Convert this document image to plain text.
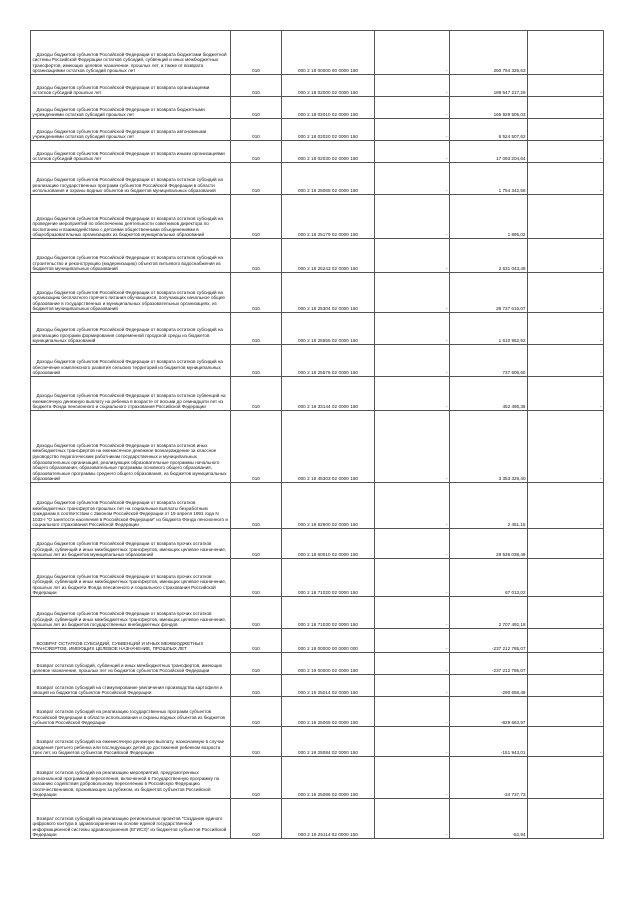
Доходы бюджетов субъектов Российской Федерации от возврата бюджетами бюджетной системы Российской Федерации остатков субсидий, субвенций и иных межбюджетных трансфертов, имеющих целевое назначение, прошлых лет, а также от возврата организациями остатков субсидий прошлых лет	010	000 2 18 00000 00 0000 150	-	260 764 325,63	-	

Доходы бюджетов субъектов Российской Федерации от возврата организациями остатков субсидий прошлых лет	010	000 2 18 02000 02 0000 150	-	189 547 217,29	-	

Доходы бюджетов субъектов Российской Федерации от возврата бюджетными учреждениями остатков субсидий прошлых лет	010	000 2 18 02010 02 0000 150	-	165 929 505,03	-	

Доходы бюджетов субъектов Российской Федерации от возврата автономными учреждениями остатков субсидий прошлых лет	010	000 2 18 02020 02 0000 150	-	6 524 507,62	-	

Доходы бюджетов субъектов Российской Федерации от возврата иными организациями остатков субсидий прошлых лет	010	000 2 18 02030 02 0000 150	-	17 093 204,64	-	

Доходы бюджетов субъектов Российской Федерации от возврата остатков субсидий на реализацию государственных программ субъектов Российской Федерации в области использования и охраны водных объектов из бюджетов муниципальных образований	010	000 2 18 25065 02 0000 150	-	1 754 342,56	-	

Доходы бюджетов субъектов Российской Федерации от возврата остатков субсидий на проведение мероприятий по обеспечению деятельности советников директора по воспитанию и взаимодействию с детскими общественными объединениями в общеобразовательных организациях из бюджетов муниципальных образований	010	000 2 18 25179 02 0000 150	-	1 895,02	-	

Доходы бюджетов субъектов Российской Федерации от возврата остатков субсидий на строительство и реконструкцию (модернизацию) объектов питьевого водоснабжения из бюджетов муниципальных образований	010	000 2 18 25243 02 0000 150	-	2 631 043,48	-	

Доходы бюджетов субъектов Российской Федерации от возврата остатков субсидий на организацию бесплатного горячего питания обучающихся, получающих начальное общее образование в государственных и муниципальных образовательных организациях, из бюджетов муниципальных образований	010	000 2 18 25304 02 0000 150	-	28 727 616,07	-	

Доходы бюджетов субъектов Российской Федерации от возврата остатков субсидий на реализацию программ формирования современной городской среды из бюджетов муниципальных образований	010	000 2 18 25555 02 0000 150	-	1 610 962,92	-	

Доходы бюджетов субъектов Российской Федерации от возврата остатков субсидий на обеспечение комплексного развития сельских территорий из бюджетов муниципальных образований	010	000 2 18 25576 02 0000 150	-	737 606,60	-	

Доходы бюджетов субъектов Российской Федерации от возврата остатков субвенций на ежемесячную денежную выплату на ребенка в возрасте от восьми до семнадцати лет из бюджета Фонда пенсионного и социального страхования Российской Федерации	010	000 2 18 33144 02 0000 150	-	452 495,35	-	

Доходы бюджетов субъектов Российской Федерации от возврата остатков иных межбюджетных трансфертов на ежемесячное денежное вознаграждение за классное руководство педагогическим работникам государственных и муниципальных образовательных организаций, реализующих образовательные программы начального общего образования, образовательные программы основного общего образования, образовательные программы среднего общего образования, из бюджетов муниципальных образований	010	000 2 18 45303 02 0000 150	-	3 353 329,40	-	

Доходы бюджетов субъектов Российской Федерации от возврата остатков межбюджетных трансфертов прошлых лет на социальные выплаты безработным гражданам в соответствии с Законом Российской Федерации от 19 апреля 1991 года N 1032-I "О занятости населения в Российской Федерации" из бюджета Фонда пенсионного и социального страхования Российской Федерации	010	000 2 18 52900 02 0000 150	-	2 451,15	-	

Доходы бюджетов субъектов Российской Федерации от возврата прочих остатков субсидий, субвенций и иных межбюджетных трансфертов, имеющих целевое назначение, прошлых лет из бюджетов муниципальных образований	010	000 2 18 60010 02 0000 150	-	29 536 038,49	-	

Доходы бюджетов субъектов Российской Федерации от возврата прочих остатков субсидий, субвенций и иных межбюджетных трансфертов, имеющих целевое назначение, прошлых лет из бюджета Фонда пенсионного и социального страхования Российской Федерации	010	000 2 18 71020 02 0000 150	-	67 013,02	-	

Доходы бюджетов субъектов Российской Федерации от возврата прочих остатков субсидий, субвенций и иных межбюджетных трансфертов, имеющих целевое назначение, прошлых лет из бюджетов государственных внебюджетных фондов	010	000 2 18 71030 02 0000 150	-	2 707 492,18	-	

ВОЗВРАТ ОСТАТКОВ СУБСИДИЙ, СУБВЕНЦИЙ И ИНЫХ МЕЖБЮДЖЕТНЫХ ТРАНСФЕРТОВ, ИМЕЮЩИХ ЦЕЛЕВОЕ НАЗНАЧЕНИЕ, ПРОШЛЫХ ЛЕТ	010	000 2 19 00000 00 0000 000	-	-237 212 785,07	-	

Возврат остатков субсидий, субвенций и иных межбюджетных трансфертов, имеющих целевое назначение, прошлых лет из бюджетов субъектов Российской Федерации	010	000 2 19 00000 02 0000 150	-	-237 212 785,07	-	

Возврат остатков субсидий на стимулирование увеличения производства картофеля и овощей из бюджетов субъектов Российской Федерации	010	000 2 19 25014 02 0000 150	-	-290 658,49	-	

Возврат остатков субсидий на реализацию государственных программ субъектов Российской Федерации в области использования и охраны водных объектов из бюджетов субъектов Российской Федерации	010	000 2 19 25065 02 0000 150	-	-829 663,97	-	

Возврат остатков субсидий на ежемесячную денежную выплату, назначаемую в случае рождения третьего ребенка или последующих детей до достижения ребенком возраста трех лет, из бюджетов субъектов Российской Федерации	010	000 2 19 25084 02 0000 150	-	-151 943,01	-	

Возврат остатков субсидий на реализацию мероприятий, предусмотренных региональной программой переселения, включенной в Государственную программу по оказанию содействия добровольному переселению в Российскую Федерацию соотечественников, проживающих за рубежом, из бюджетов субъектов Российской Федерации	010	000 2 19 25086 02 0000 150	-	-34 737,73	-	

Возврат остатков субсидий на реализацию региональных проектов "Создание единого цифрового контура в здравоохранении на основе единой государственной информационной системы здравоохранения (ЕГИСЗ)" из бюджетов субъектов Российской Федерации	010	000 2 19 25114 02 0000 150	-	-52,94	-	
